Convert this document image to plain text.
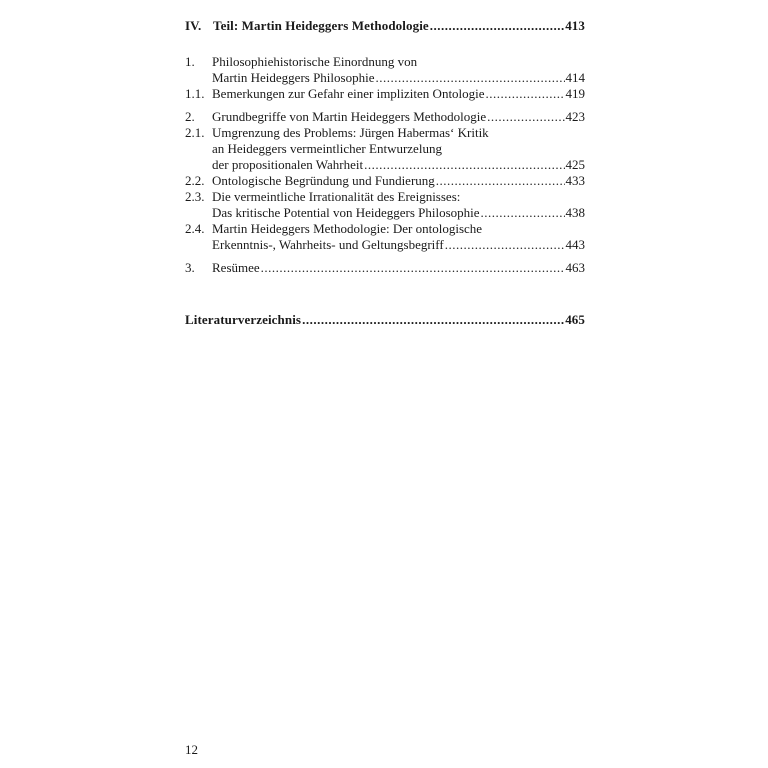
IV. Teil: Martin Heideggers Methodologie .....	413
1.	Philosophiehistorische Einordnung von
Martin Heideggers Philosophie .....	414
1.1. Bemerkungen zur Gefahr einer impliziten Ontologie .....	419
2.	Grundbegriffe von Martin Heideggers Methodologie .....	423
2.1. Umgrenzung des Problems: Jürgen Habermas‘ Kritik
an Heideggers vermeintlicher Entwurzelung
der propositionalen Wahrheit .....	425
2.2. Ontologische Begründung und Fundierung .....	433
2.3. Die vermeintliche Irrationalität des Ereignisses:
Das kritische Potential von Heideggers Philosophie .....	438
2.4. Martin Heideggers Methodologie: Der ontologische
Erkenntnis-, Wahrheits- und Geltungsbegriff .....	443
3.	Resümee .....	463
Literaturverzeichnis .....	465
12
